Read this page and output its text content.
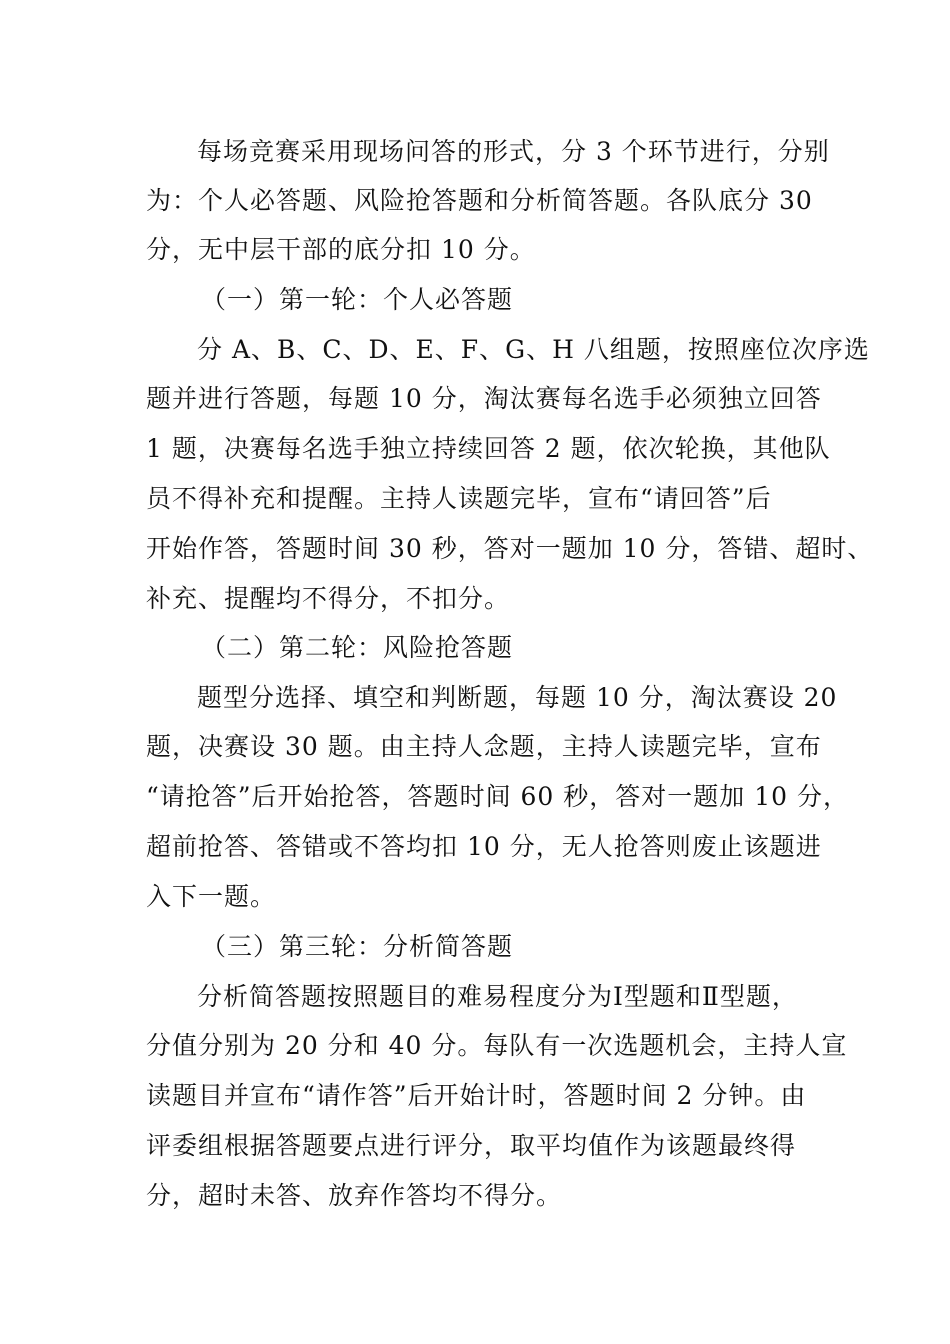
每场竞赛采用现场问答的形式，分 3 个环节进行，分别
为：个人必答题、风险抢答题和分析简答题。各队底分 30
分，无中层干部的底分扣 10 分。
（一）第一轮：个人必答题
分 A、B、C、D、E、F、G、H 八组题，按照座位次序选
题并进行答题，每题 10 分，淘汰赛每名选手必须独立回答
1 题，决赛每名选手独立持续回答 2 题，依次轮换，其他队
员不得补充和提醒。主持人读题完毕，宣布“请回答”后
开始作答，答题时间 30 秒，答对一题加 10 分，答错、超时、
补充、提醒均不得分，不扣分。
（二）第二轮：风险抢答题
题型分选择、填空和判断题，每题 10 分，淘汰赛设 20
题，决赛设 30 题。由主持人念题，主持人读题完毕，宣布
“请抢答”后开始抢答，答题时间 60 秒，答对一题加 10 分，
超前抢答、答错或不答均扣 10 分，无人抢答则废止该题进
入下一题。
（三）第三轮：分析简答题
分析简答题按照题目的难易程度分为Ⅰ型题和Ⅱ型题，
分值分别为 20 分和 40 分。每队有一次选题机会，主持人宣
读题目并宣布“请作答”后开始计时，答题时间 2 分钟。由
评委组根据答题要点进行评分，取平均值作为该题最终得
分，超时未答、放弃作答均不得分。
